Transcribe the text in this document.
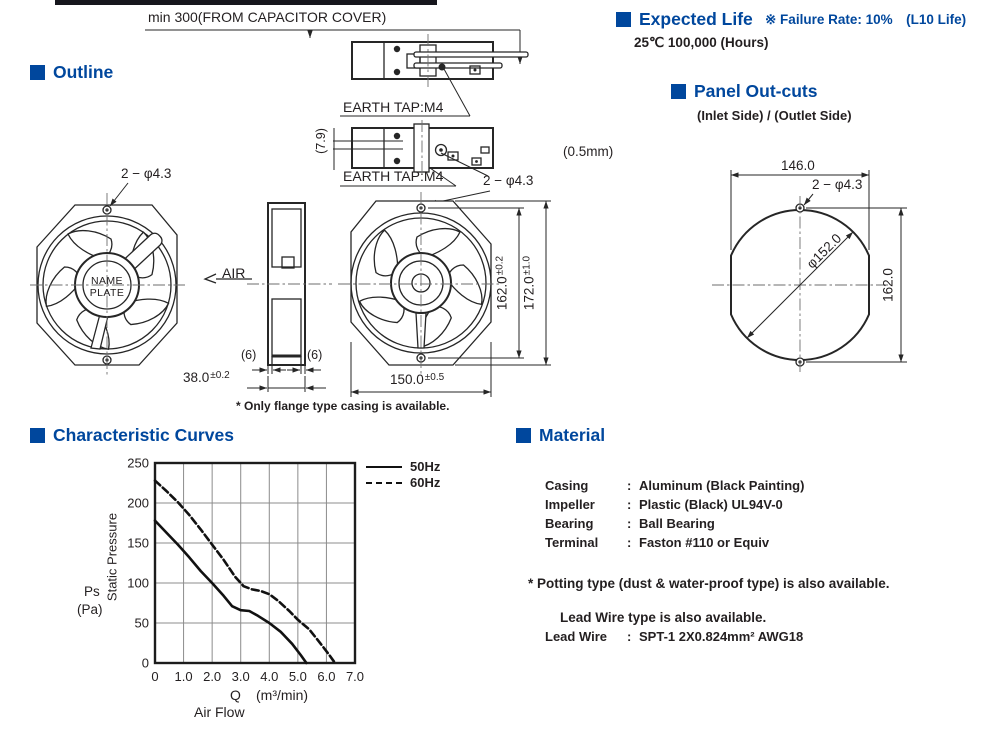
min 300(FROM CAPACITOR COVER)
Outline
EARTH TAP:M4
EARTH TAP:M4
(7.9)	(0.5mm)
2 − φ4.3
2 − φ4.3
NAME
PLATE
AIR
(6)	(6)
$38.0^{\pm 0.2}$	$150.0^{\pm 0.5}$
$162.0^{\pm 0.2}$
$172.0^{\pm 1.0}$
* Only flange type casing is available.
Expected Life ※ Failure Rate: 10%　(L10 Life)
25℃ 100,000 (Hours)
Panel Out-cuts
(Inlet Side) / (Outlet Side)
146.0
2 − φ4.3
φ152.0
162.0
Characteristic Curves
0 1.0 2.0 3.0 4.0 5.0 6.0 7.0
0
50
100
150
200
250	50Hz
60Hz
Static Pressure
Ps
(Pa)
Q (m³/min)
Air Flow
Material
Casing	: Aluminum (Black Painting)
Impeller : Plastic (Black) UL94V-0
Bearing	: Ball Bearing
Terminal : Faston #110 or Equiv
* Potting type (dust & water-proof type) is also available.
Lead Wire type is also available.
Lead Wire : SPT-1 2X0.824mm² AWG18
